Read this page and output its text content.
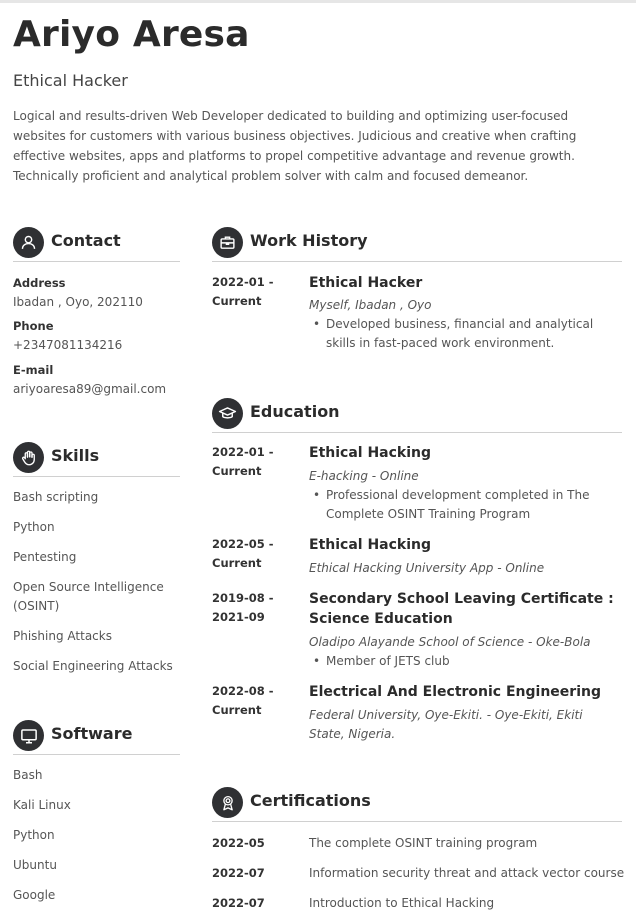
Ariyo Aresa
Ethical Hacker
Logical and results-driven Web Developer dedicated to building and optimizing user-focused websites for customers with various business objectives. Judicious and creative when crafting effective websites, apps and platforms to propel competitive advantage and revenue growth. Technically proficient and analytical problem solver with calm and focused demeanor.
Contact
Address
Ibadan , Oyo, 202110
Phone
+2347081134216
E-mail
ariyoaresa89@gmail.com
Skills
Bash scripting
Python
Pentesting
Open Source Intelligence (OSINT)
Phishing Attacks
Social Engineering Attacks
Software
Bash
Kali Linux
Python
Ubuntu
Google
Work History
2022-01 - Current
Ethical Hacker
Myself, Ibadan , Oyo
• Developed business, financial and analytical skills in fast-paced work environment.
Education
2022-01 - Current
Ethical Hacking
E-hacking - Online
• Professional development completed in The Complete OSINT Training Program
2022-05 - Current
Ethical Hacking
Ethical Hacking University App - Online
2019-08 - 2021-09
Secondary School Leaving Certificate : Science Education
Oladipo Alayande School of Science - Oke-Bola
• Member of JETS club
2022-08 - Current
Electrical And Electronic Engineering
Federal University, Oye-Ekiti. - Oye-Ekiti, Ekiti State, Nigeria.
Certifications
2022-05	The complete OSINT training program
2022-07	Information security threat and attack vector course
2022-07	Introduction to Ethical Hacking
